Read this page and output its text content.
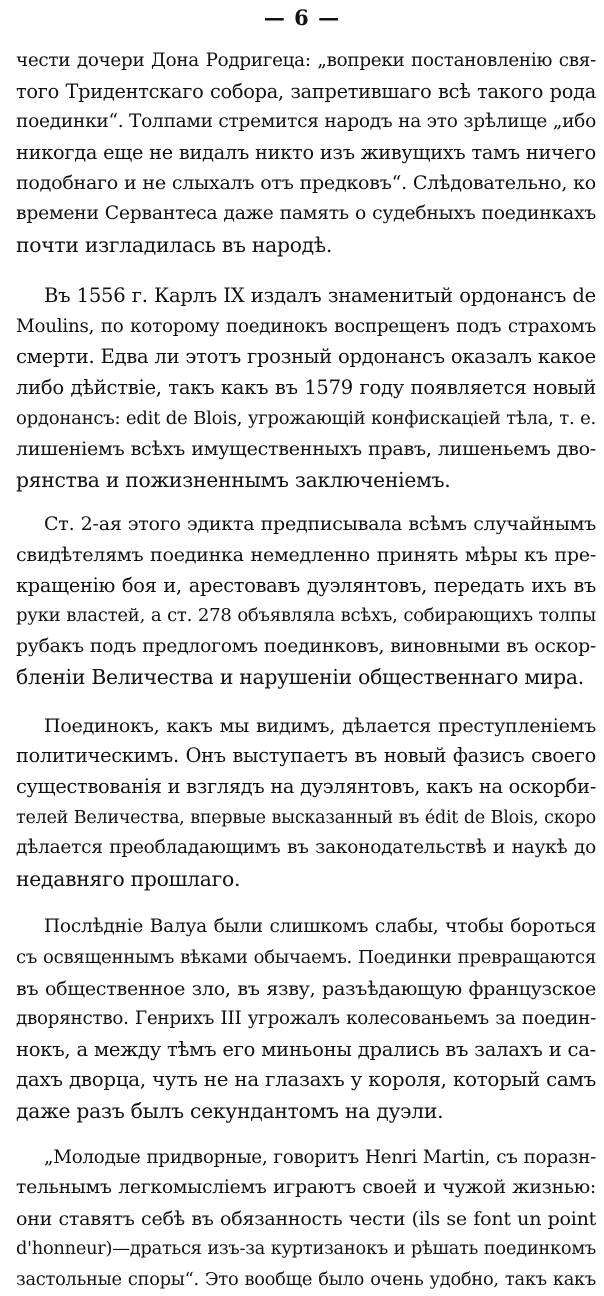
— 6 —
чести дочери Дона Родригеца: „вопреки постановленiю свя-
того Тридентскаго собора, запретившаго всѣ такого рода
поединки“. Толпами стремится народъ на это зрѣлище „ибо
никогда еще не видалъ никто изъ живущихъ тамъ ничего
подобнаго и не слыхалъ отъ предковъ“. Слѣдовательно, ко
времени Сервантеса даже память о судебныхъ поединкахъ
почти изгладилась въ народѣ.
Въ 1556 г. Карлъ IX издалъ знаменитый ордонансъ de
Moulins, по которому поединокъ воспрещенъ подъ страхомъ
смерти. Едва ли этотъ грозный ордонансъ оказалъ какое
либо дѣйствiе, такъ какъ въ 1579 году появляется новый
ордонансъ: edit de Blois, угрожающiй конфискацiей тѣла, т. е.
лишенiемъ всѣхъ имущественныхъ правъ, лишеньемъ дво-
рянства и пожизненнымъ заключенiемъ.
Ст. 2-ая этого эдикта предписывала всѣмъ случайнымъ
свидѣтелямъ поединка немедленно принять мѣры къ пре-
кращенiю боя и, арестовавъ дуэлянтовъ, передать ихъ въ
руки властей, а ст. 278 объявляла всѣхъ, собирающихъ толпы
рубакъ подъ предлогомъ поединковъ, виновными въ оскор-
бленiи Величества и нарушенiи общественнаго мира.
Поединокъ, какъ мы видимъ, дѣлается преступленiемъ
политическимъ. Онъ выступаетъ въ новый фазисъ своего
существованiя и взглядъ на дуэлянтовъ, какъ на оскорби-
телей Величества, впервые высказанный въ édit de Blois, скоро
дѣлается преобладающимъ въ законодательствѣ и наукѣ до
недавняго прошлаго.
Послѣднiе Валуа были слишкомъ слабы, чтобы бороться
съ освященнымъ вѣками обычаемъ. Поединки превращаются
въ общественное зло, въ язву, разъѣдающую французское
дворянство. Генрихъ III угрожалъ колесованьемъ за поедин-
нокъ, а между тѣмъ его миньоны дрались въ залахъ и са-
дахъ дворца, чуть не на глазахъ у короля, который самъ
даже разъ былъ секундантомъ на дуэли.
„Молодые придворные, говоритъ Henri Martin, съ поразн-
тельнымъ легкомыслiемъ играютъ своей и чужой жизнью:
они ставятъ себѣ въ обязанность чести (ils se font un point
d'honneur)—драться изъ-за куртизанокъ и рѣшать поединкомъ
застольные споры“. Это вообще было очень удобно, такъ какъ
